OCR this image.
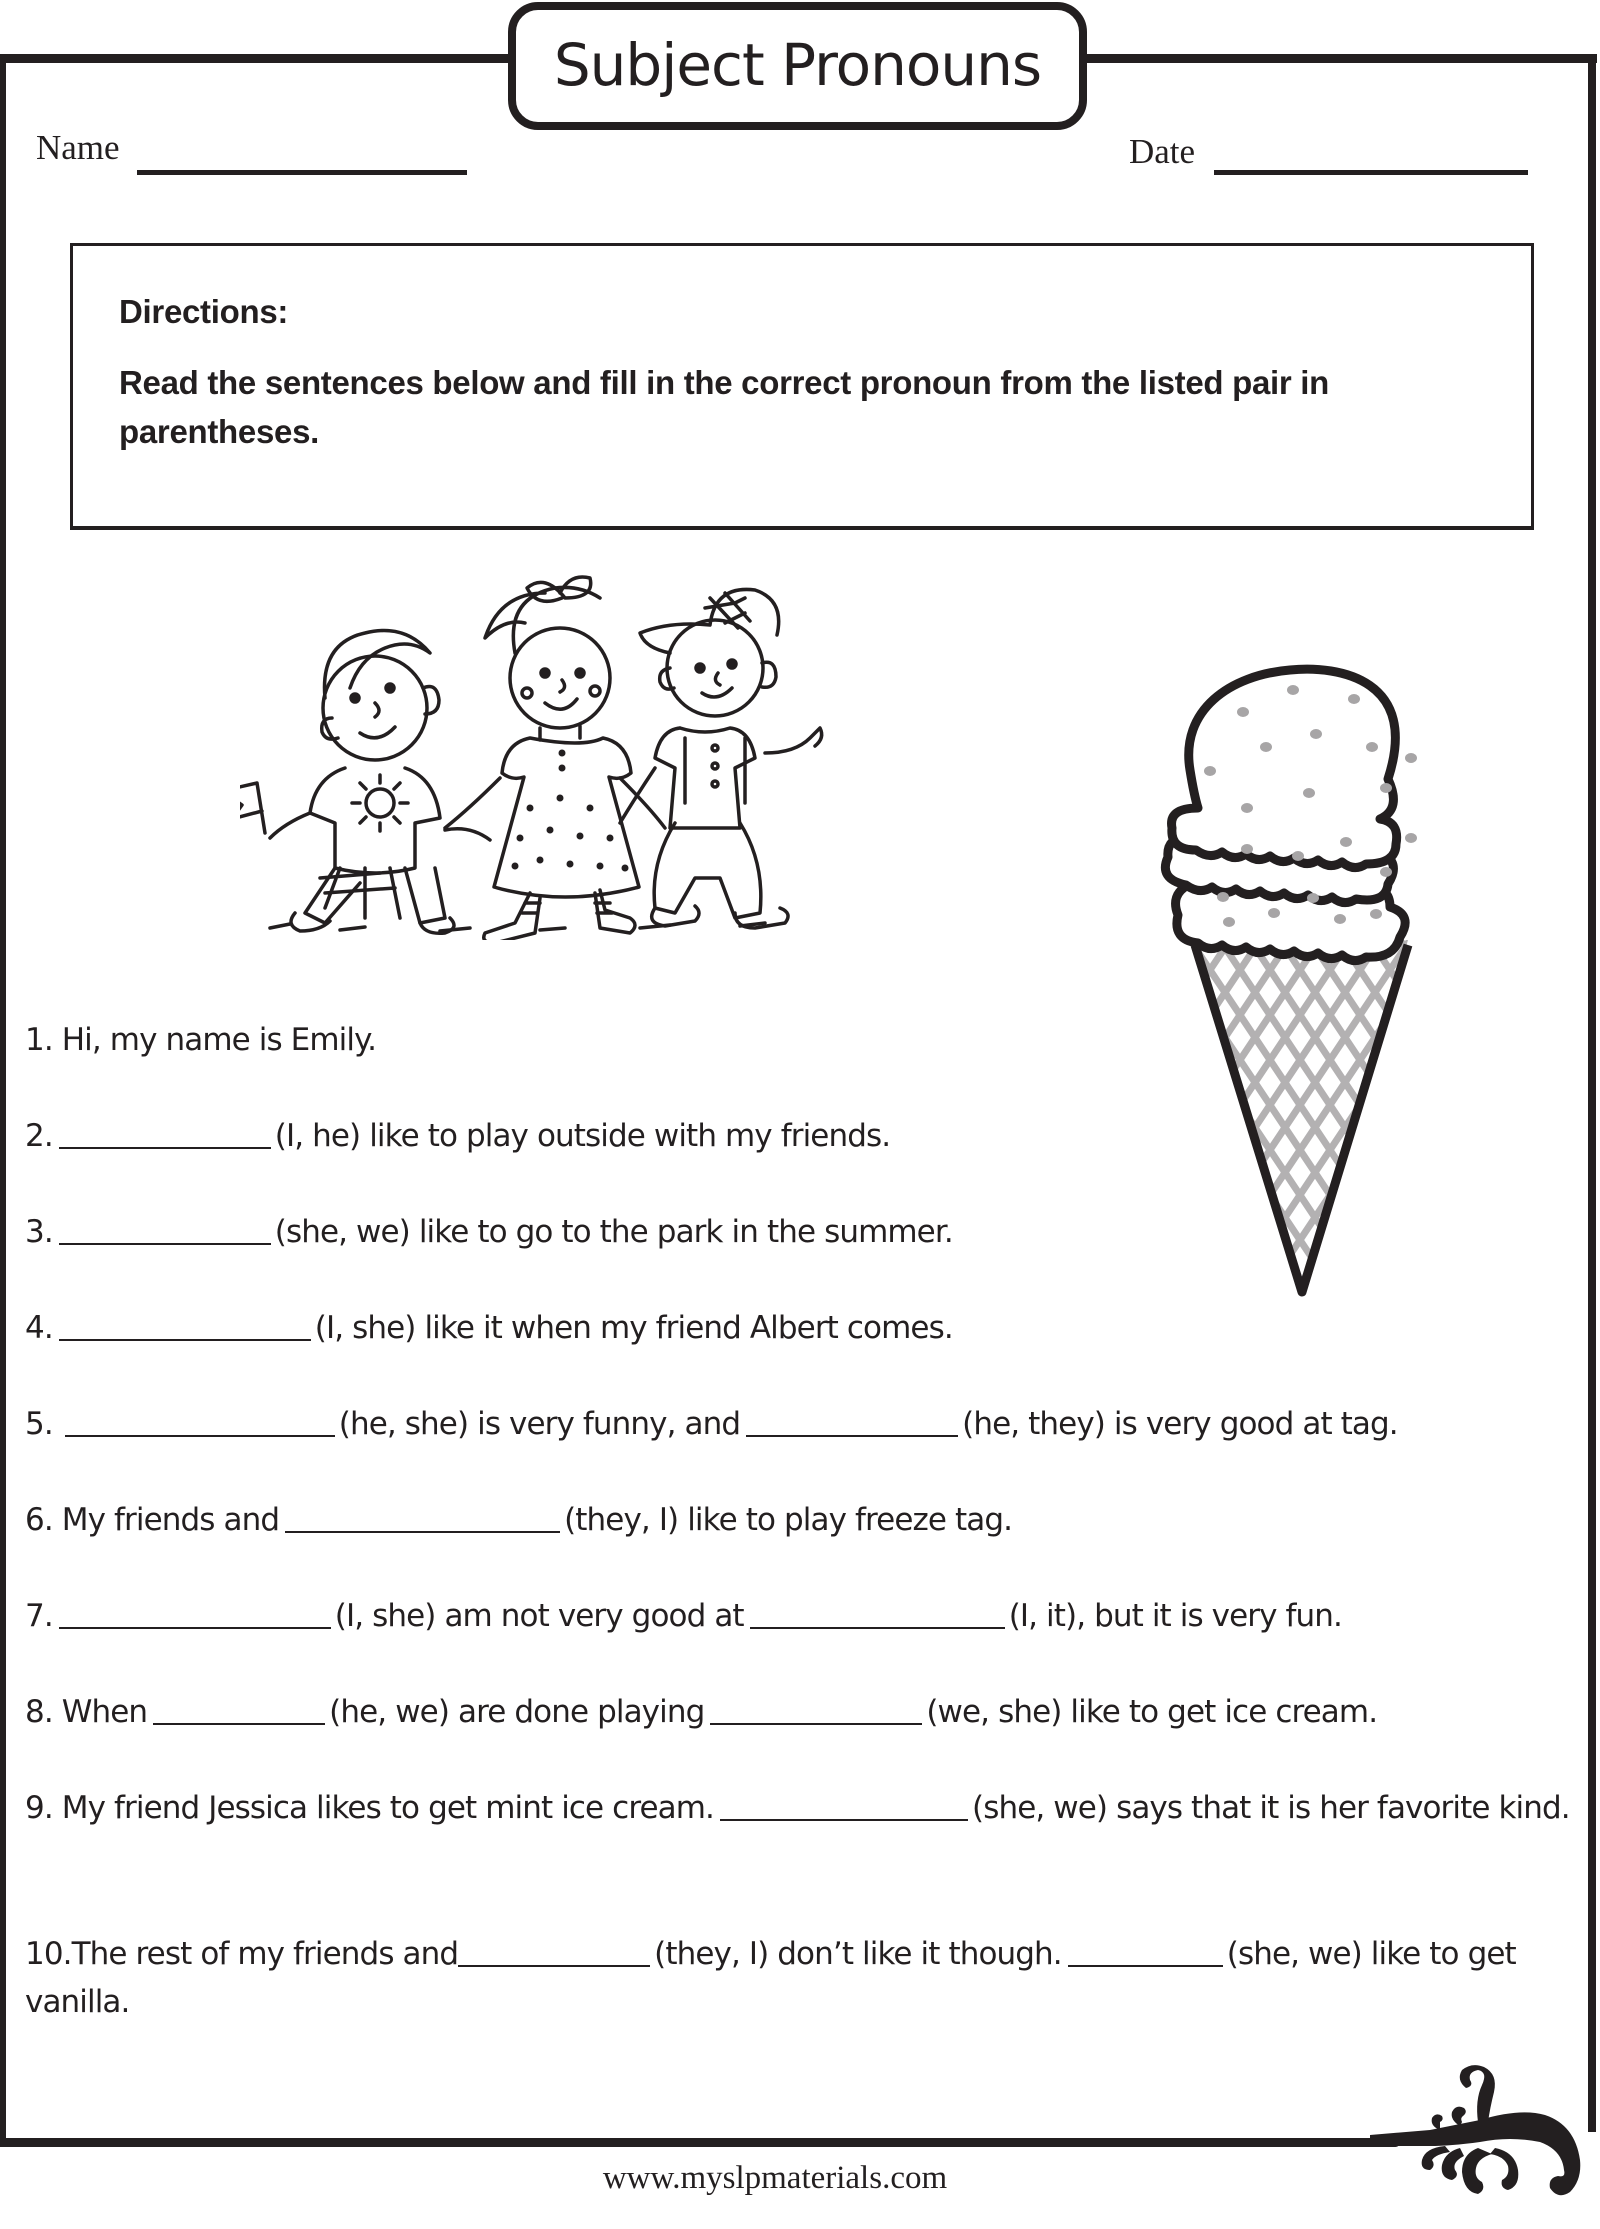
Subject Pronouns
Name	Date
Directions:
Read the sentences below and fill in the correct pronoun from the listed pair in parentheses.
1. Hi, my name is Emily.
2.	(I, he) like to play outside with my friends.
3.	(she, we) like to go to the park in the summer.
4.	(I, she) like it when my friend Albert comes.
5.	(he, she) is very funny, and	(he, they) is very good at tag.
6. My friends and	(they, I) like to play freeze tag.
7.	(I, she) am not very good at	(I, it), but it is very fun.
8. When	(he, we) are done playing	(we, she) like to get ice cream.
9. My friend Jessica likes to get mint ice cream.	(she, we) says that it is her favorite kind.
10.The rest of my friends and	(they, I) don’t like it though.	(she, we) like to get vanilla.
www.myslpmaterials.com
